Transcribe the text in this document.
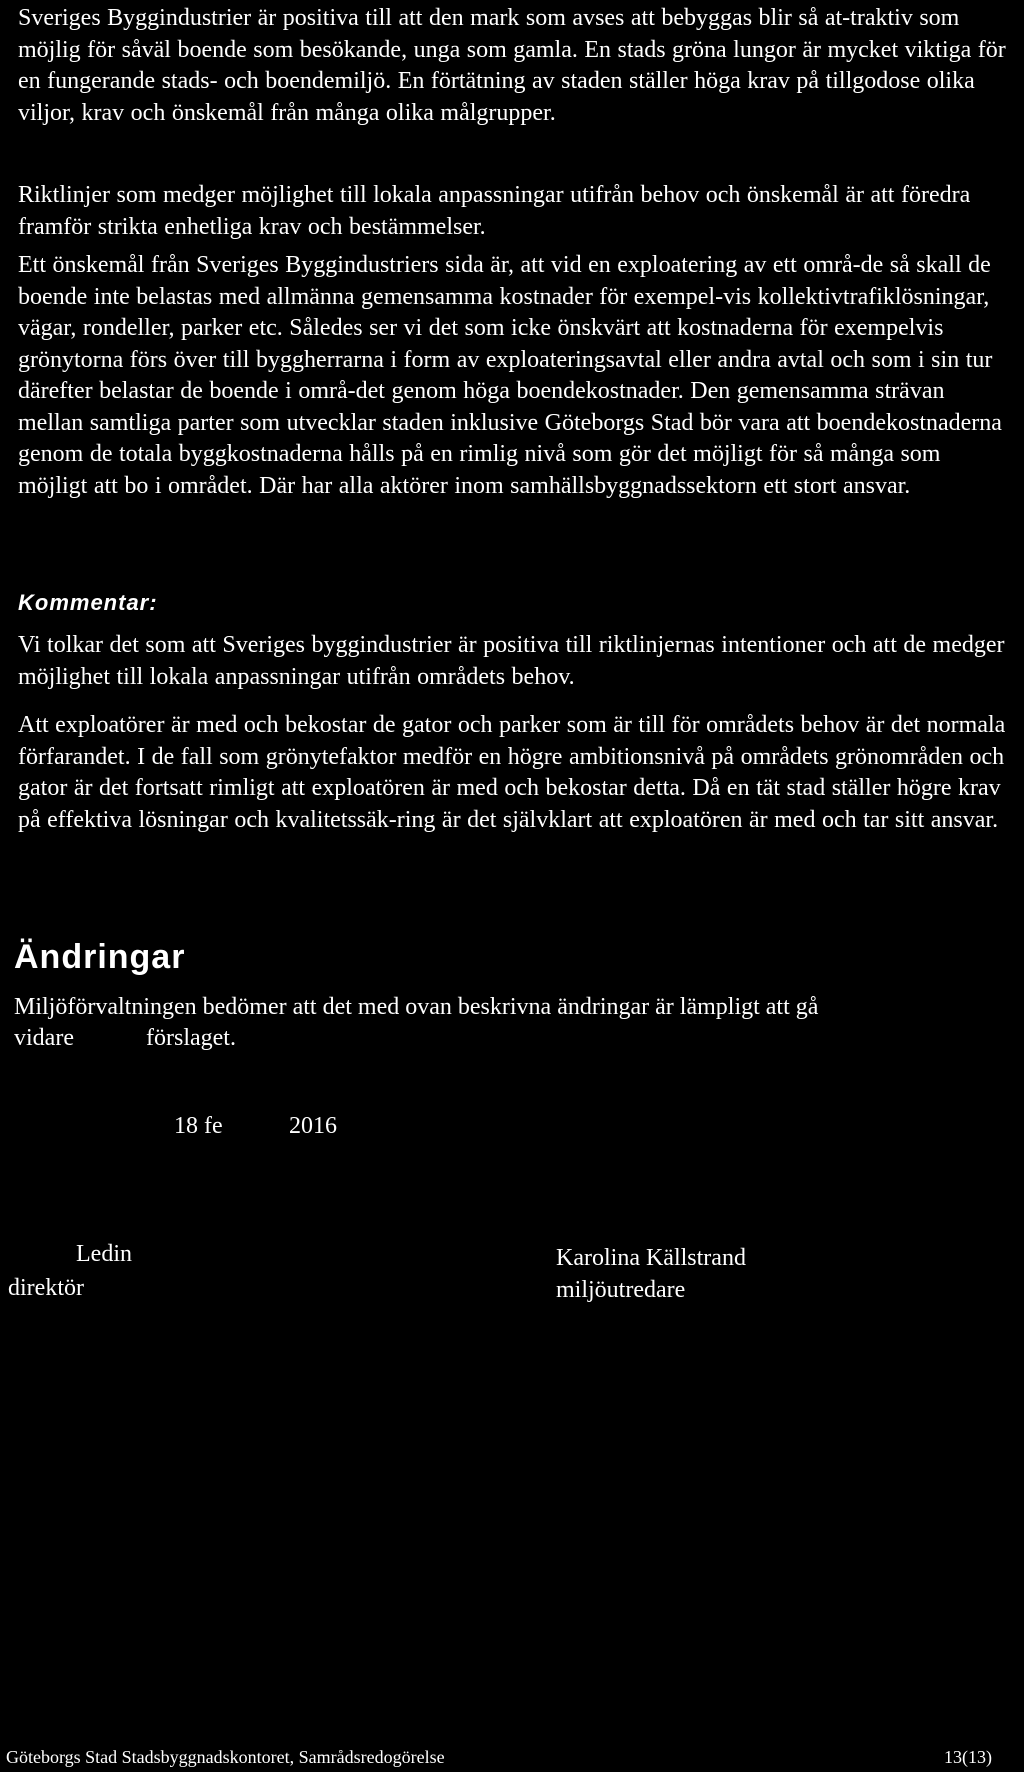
Sveriges Byggindustrier är positiva till att den mark som avses att bebyggas blir så at-traktiv som möjlig för såväl boende som besökande, unga som gamla. En stads gröna lungor är mycket viktiga för en fungerande stads- och boendemiljö. En förtätning av staden ställer höga krav på tillgodose olika viljor, krav och önskemål från många olika målgrupper.

Riktlinjer som medger möjlighet till lokala anpassningar utifrån behov och önskemål är att föredra framför strikta enhetliga krav och bestämmelser.

Ett önskemål från Sveriges Byggindustriers sida är, att vid en exploatering av ett områ-de så skall de boende inte belastas med allmänna gemensamma kostnader för exempel-vis kollektivtrafiklösningar, vägar, rondeller, parker etc. Således ser vi det som icke önskvärt att kostnaderna för exempelvis grönytorna förs över till byggherrarna i form av exploateringsavtal eller andra avtal och som i sin tur därefter belastar de boende i områ-det genom höga boendekostnader. Den gemensamma strävan mellan samtliga parter som utvecklar staden inklusive Göteborgs Stad bör vara att boendekostnaderna genom de totala byggkostnaderna hålls på en rimlig nivå som gör det möjligt för så många som möjligt att bo i området. Där har alla aktörer inom samhällsbyggnadssektorn ett stort ansvar.

Kommentar:

Vi tolkar det som att Sveriges byggindustrier är positiva till riktlinjernas intentioner och att de medger möjlighet till lokala anpassningar utifrån områdets behov.

Att exploatörer är med och bekostar de gator och parker som är till för områdets behov är det normala förfarandet. I de fall som grönytefaktor medför en högre ambitionsnivå på områdets grönområden och gator är det fortsatt rimligt att exploatören är med och bekostar detta. Då en tät stad ställer högre krav på effektiva lösningar och kvalitetssäk-ring är det självklart att exploatören är med och tar sitt ansvar.

Ändringar

Miljöförvaltningen bedömer att det med ovan beskrivna ändringar är lämpligt att gå

vidare	förslaget.

18 fe	2016

Ledin

direktör

Karolina Källstrand

miljöutredare

Göteborgs Stad Stadsbyggnadskontoret, Samrådsredogörelse	13(13)
